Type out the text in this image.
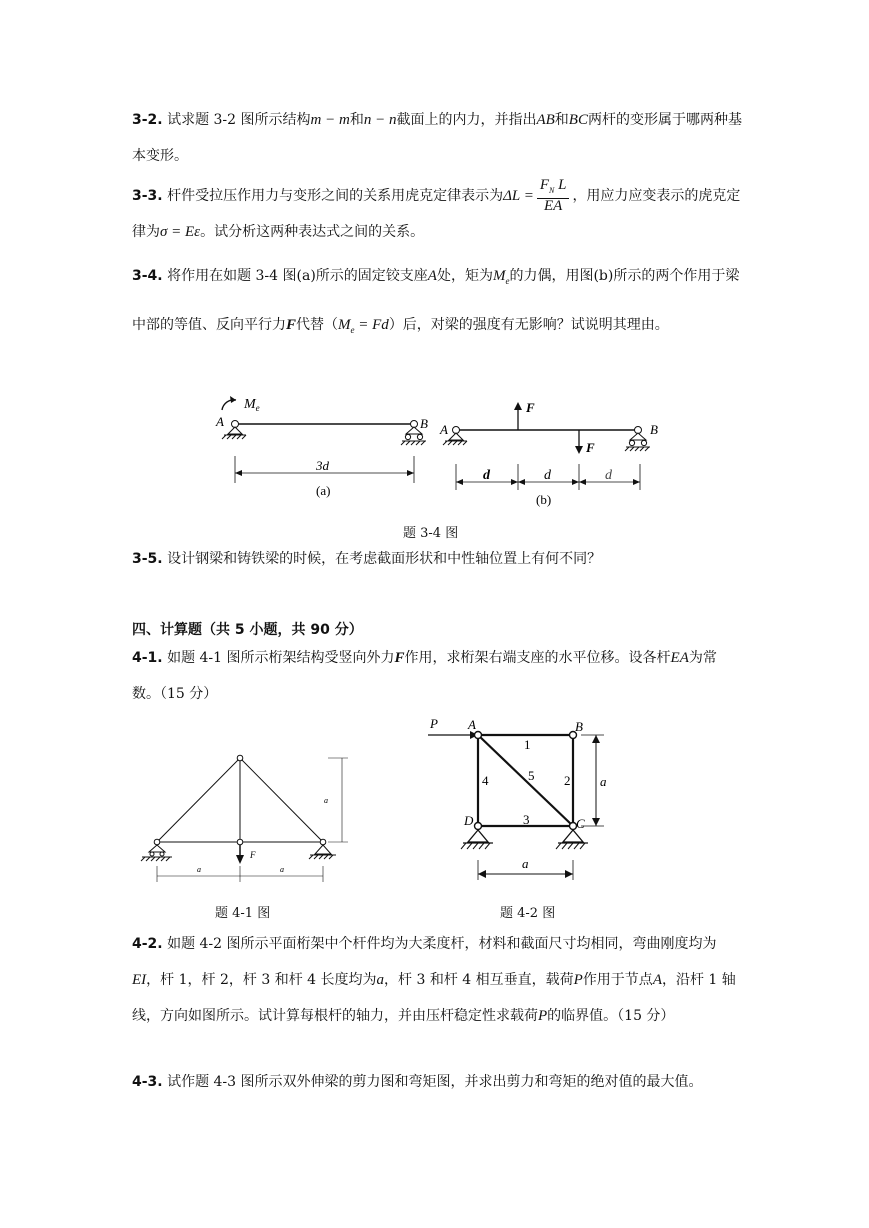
3-2. 试求题 3-2 图所示结构m − m和n − n截面上的内力，并指出AB和BC两杆的变形属于哪两种基本变形。
3-3. 杆件受拉压作用力与变形之间的关系用虎克定律表示为$\Delta L = \frac{F_N L}{EA}$ ，用应力应变表示的虎克定律为σ = Eε。试分析这两种表达式之间的关系。
3-4. 将作用在如题 3-4 图(a)所示的固定铰支座A处，矩为$M_e$的力偶，用图(b)所示的两个作用于梁中部的等值、反向平行力F代替$(M_e = Fd)$后，对梁的强度有无影响？试说明其理由。
$M_e$
A	B
3d
(a)
A	B
F
F
d	d	d
(b)
题 3-4 图
3-5. 设计钢梁和铸铁梁的时候，在考虑截面形状和中性轴位置上有何不同？
四、计算题（共 5 小题，共 90 分）
4-1. 如题 4-1 图所示桁架结构受竖向外力F作用，求桁架右端支座的水平位移。设各杆EA为常数。（15 分）
F
a
a	a
P A	B
C
D
1
2
3
4	5	a
a
题 4-1 图	题 4-2 图
4-2. 如题 4-2 图所示平面桁架中个杆件均为大柔度杆，材料和截面尺寸均相同，弯曲刚度均为EI，杆 1，杆 2，杆 3 和杆 4 长度均为a，杆 3 和杆 4 相互垂直，载荷P作用于节点A，沿杆 1 轴线，方向如图所示。试计算每根杆的轴力，并由压杆稳定性求载荷P的临界值。（15 分）
4-3. 试作题 4-3 图所示双外伸梁的剪力图和弯矩图，并求出剪力和弯矩的绝对值的最大值。
